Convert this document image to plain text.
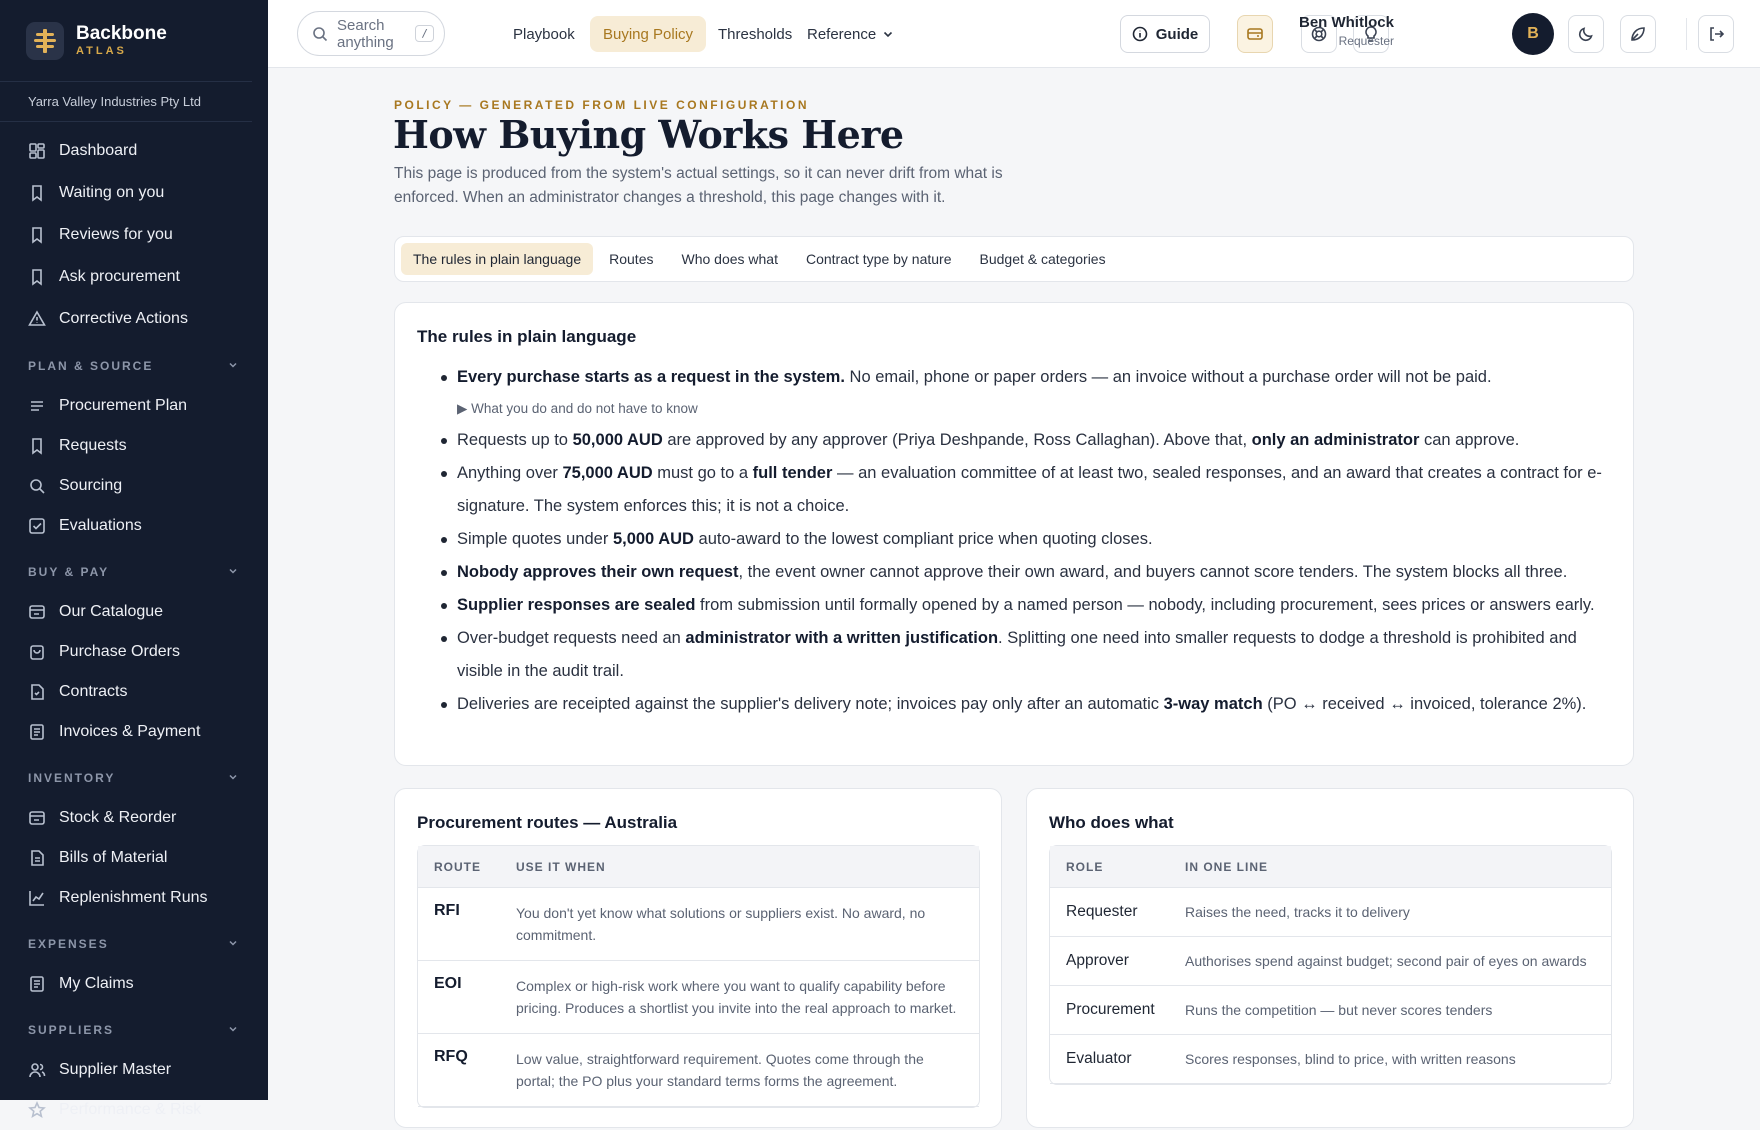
Backbone
ATLAS
Yarra Valley Industries Pty Ltd
Dashboard
Waiting on you
Reviews for you
Ask procurement
Corrective Actions
PLAN & SOURCE
Procurement Plan
Requests
Sourcing
Evaluations
BUY & PAY
Our Catalogue
Purchase Orders
Contracts
Invoices & Payment
INVENTORY
Stock & Reorder
Bills of Material
Replenishment Runs
EXPENSES
My Claims
SUPPLIERS
Supplier Master
Performance & Risk
Search anything	/	Playbook Buying Policy Thresholds Reference	Guide
Ben Whitlock
Requester	B
POLICY — GENERATED FROM LIVE CONFIGURATION
How Buying Works Here

This page is produced from the system's actual settings, so it can never drift from what is enforced. When an administrator changes a threshold, this page changes with it.

The rules in plain language	Routes	Who does what	Contract type by nature	Budget & categories
The rules in plain language
Every purchase starts as a request in the system. No email, phone or paper orders — an invoice without a purchase order will not be paid.
▶ What you do and do not have to know
Requests up to 50,000 AUD are approved by any approver (Priya Deshpande, Ross Callaghan). Above that, only an administrator can approve.
Anything over 75,000 AUD must go to a full tender — an evaluation committee of at least two, sealed responses, and an award that creates a contract for e-signature. The system enforces this; it is not a choice.
Simple quotes under 5,000 AUD auto-award to the lowest compliant price when quoting closes.
Nobody approves their own request, the event owner cannot approve their own award, and buyers cannot score tenders. The system blocks all three.
Supplier responses are sealed from submission until formally opened by a named person — nobody, including procurement, sees prices or answers early.
Over-budget requests need an administrator with a written justification. Splitting one need into smaller requests to dodge a threshold is prohibited and visible in the audit trail.
Deliveries are receipted against the supplier's delivery note; invoices pay only after an automatic 3-way match (PO ↔ received ↔ invoiced, tolerance 2%).
Procurement routes — Australia
ROUTE	USE IT WHEN
RFI	You don't yet know what solutions or suppliers exist. No award, no commitment.
EOI	Complex or high-risk work where you want to qualify capability before pricing. Produces a shortlist you invite into the real approach to market.
RFQ	Low value, straightforward requirement. Quotes come through the portal; the PO plus your standard terms forms the agreement.
Who does what
ROLE	IN ONE LINE
Requester	Raises the need, tracks it to delivery
Approver	Authorises spend against budget; second pair of eyes on awards
Procurement	Runs the competition — but never scores tenders
Evaluator	Scores responses, blind to price, with written reasons
